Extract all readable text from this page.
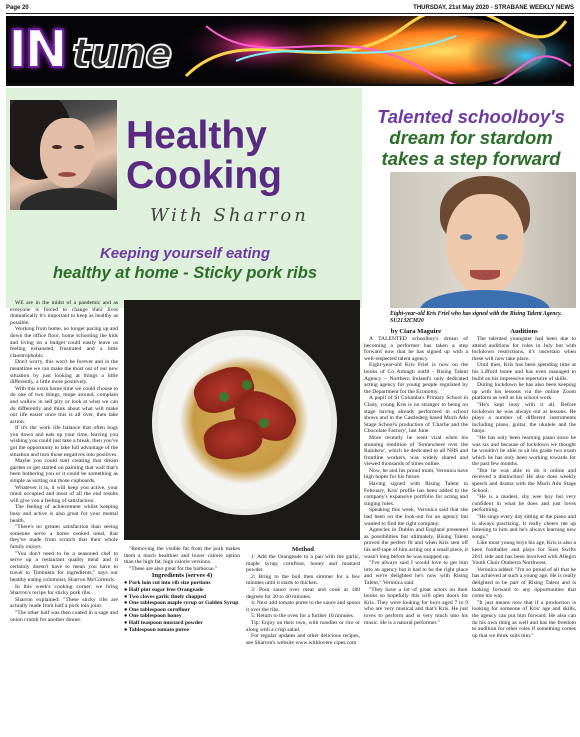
Page 20	THURSDAY, 21st May 2020 - STRABANE WEEKLY NEWS
IN tune
Healthy
Cooking
With Sharron
Keeping yourself eating
healthy at home - Sticky pork ribs

WE are in the midst of a pandemic and as everyone is forced to change their lives dramatically it's important to keep as healthy as possible.

Working from home, no longer pacing up and down the office floor, home schooling the kids and living on a budget could easily leave us feeling exhausted, frustrated and a little claustrophobic.

Don't worry, this won't be forever and in the meantime we can make the most out of our new situation by just looking at things a little differently, a little more positively.

With this extra home time we could choose to do one of two things, mope around, complain and wallow in self pity or look at what we can do differently and think about what will make our life easier once this is all over, then take action.

If it's the work life balance that often bogs you down and eats up your time, leaving you wishing you could just take a break, then you've got the opportunity to take full advantage of the situation and turn those negatives into positives.

Maybe you could start creating that dream garden or get started on painting that wall that's been bothering you or it could be something as simple as sorting out those cupboards.

Whatever it is, it will keep you active, your mind occupied and most of all the end results will give you a feeling of satisfaction.

The feeling of achievement whilst keeping busy and active is also great for your mental health.

"There's no greater satisfaction than seeing someone serve a home cooked meal, that they've made from scratch that their whole family enjoys.

"You don't need to be a seasoned chef to serve up a restaurant quality meal and it certainly doesn't have to mean you have to travel to Timbuktu for ingredients," says our healthy eating columnist, Sharron McCormick.

In this week's cooking corner, we bring Sharron's recipe for sticky pork ribs.

Sharron explained: "These sticky ribs are actually made from half a pork loin joint.

"The other half was then coated in a sage and onion crumb for another dinner.

"Removing the visible fat from the pork makes them a much healthier and lower calorie option than the high fat, high calorie versions.

"These are also great for the barbecue."

Ingredients (serves 4)

● Pork loin cut into rib size portions

● Half pint sugar free Orangeade

● Two cloves garlic finely chopped

● One tablespoon maple syrup or Golden Syrup

● One tablespoon cornflour

● One tablespoon honey

● Half teaspoon mustard powder

● Tablespoon tomato puree

Method

1: Add the Orangeade to a pan with the garlic, maple syrup, cornflour, honey and mustard powder.

2: Bring to the boil then simmer for a few minutes until it starts to thicken.

3: Pour sauce over meat and cook at 180 degrees for 30 to 40 minutes.

4: Next add tomato puree to the sauce and spoon it over the ribs.

5: Return to the oven for a further 10 minutes.

Tip: Enjoy on their own, with noodles or rice or along with a crisp salad.

For regular updates and other delicious recipes, see Sharron's website www.withlovere cipes.com

Talented schoolboy's
dream for stardom
takes a step forward
Eight-year-old Kris Friel who has signed with the Rising Talent Agency. SU2132CM20

by Ciara Maguire

A TALENTED schoolboy's dream of becoming a performer has taken a step forward now that he has signed up with a well-respected talent agency.

Eight-year-old Kris Friel is now on the books of Co Armagh outfit - Rising Talent Agency – Northern Ireland's only dedicated acting agency for young people regulated by the Department for the Economy.

A pupil of St Columba's Primary School in Clady, young Kris is no stranger to being on stage having already performed in school shows and in the Castlederg based Much Ado Stage School's production of 'Charlie and the Chocolate Factory', last June.

More recently he went viral when his stunning rendition of 'Somewhere over the Rainbow', which he dedicated to all NHS and frontline workers, was widely shared and viewed thousands of times online.

Now, he and his proud mum, Veronica have high hopes for his future.

Having signed with Rising Talent in February, Kris' profile has been added to the company's expansive portfolio for acting and singing roles.

Speaking this week, Veronica said that she had been on the look-out for an agency but wanted to find the right company.

Agencies in Dublin and England presented as possibilities but ultimately, Rising Talent proved the perfect fit and when Kris sent off his self-tape of him acting out a small piece, it wasn't long before he was snapped up.

"I've always said I would love to get him into an agency but it had to be the right place and we're delighted he's now with Rising Talent," Veronica said.

"They have a lot of great actors on their books so hopefully this will open doors for Kris. They were looking for boys aged 7 to 9 who are very musical and that's Kris. He just loves to perform and is very much into his music. He is a natural performer."

Auditions

The talented youngster had been due to attend auditions for roles in July but with lockdown restrictions, it's uncertain when these will now take place.

Until then, Kris has been spending time at his Lifford home and has even managed to build on his impressive repertoire of skills.

During lockdown he has also been keeping up with his lessons via the online Zoom platform as well as his school work.

"He's kept busy with it all. Before lockdown he was always out at lessons. He plays a number of different instruments including piano, guitar, the ukulele and the banjo.

"He has only been learning piano since he was six and because of lockdown we thought he wouldn't be able to sit his grade two exam which he has only been working towards for the past few months.

"But he was able to do it online and received a distinction! He also does weekly speech and drama with the Much Ado Stage School.

"He is a modest, shy wee boy but very confident in what he does and just loves performing.

"He sings every day sitting at the piano and is always practising. It really cheers me up listening to him and he's always learning new songs."

Like most young boys his age, Kris is also a keen footballer and plays for Sion Swifts 2011 side and has been involved with Allegro Youth Choir Omberra Northwest.

Veronica added: "I'm so proud of all that he has achieved at such a young age. He is really delighted to be part of Rising Talent and is looking forward to any opportunities that come his way.

"It just means now that if a production is looking for someone of Kris' age and skills, the agency can put him forward. He also can do his own thing as well and has the freedom to audition for other roles if something comes up that we think suits him."
